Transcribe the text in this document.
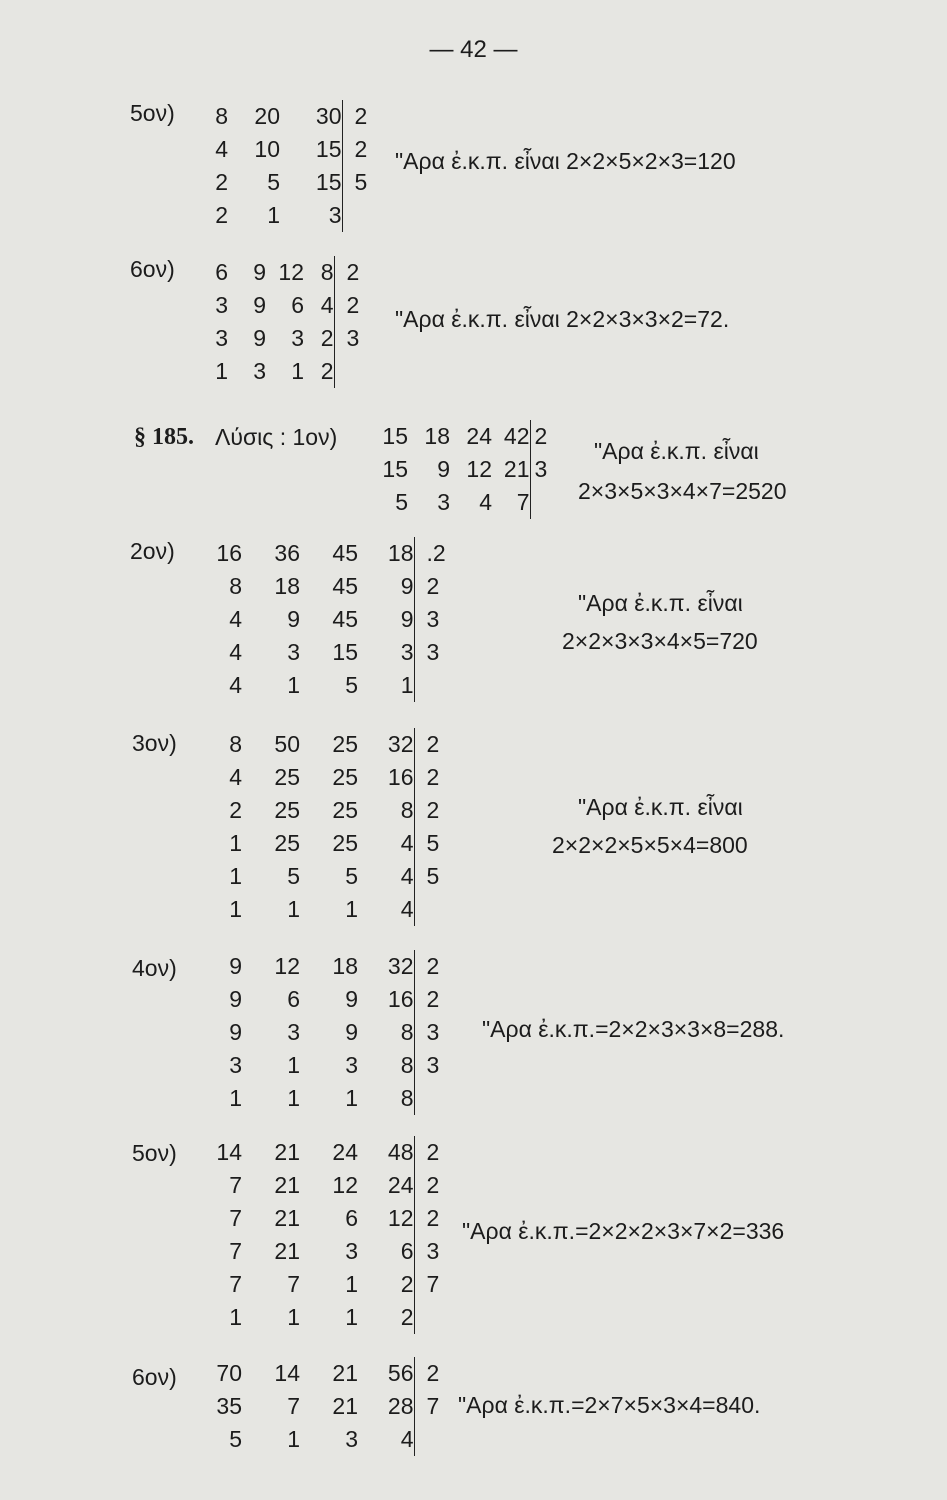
— 42 —
5ον) 8	20	30	2
4	10	15	2
2	5	15	5
2	1	3	
"Αρα ἐ.κ.π. εἶναι 2×2×5×2×3=120
6ον) 6	9	12	8	2
3	9	6	4	2
3	9	3	2	3
1	3	1	2	
"Αρα ἐ.κ.π. εἶναι 2×2×3×3×2=72.
§ 185. Λύσις : 1ον) 15	18	24	42	2
15	9	12	21	3
5	3	4	7	
"Αρα ἐ.κ.π. εἶναι
2×3×5×3×4×7=2520
2ον) 16	36	45	18	.2
8	18	45	9	2
4	9	45	9	3
4	3	15	3	3
4	1	5	1	
"Αρα ἐ.κ.π. εἶναι
2×2×3×3×4×5=720
3ον) 8	50	25	32	2
4	25	25	16	2
2	25	25	8	2
1	25	25	4	5
1	5	5	4	5
1	1	1	4	
"Αρα ἐ.κ.π. εἶναι
2×2×2×5×5×4=800
4ον) 9	12	18	32	2
9	6	9	16	2
9	3	9	8	3
3	1	3	8	3
1	1	1	8	
"Αρα ἐ.κ.π.=2×2×3×3×8=288.
5ον) 14	21	24	48	2
7	21	12	24	2
7	21	6	12	2
7	21	3	6	3
7	7	1	2	7
1	1	1	2	
"Αρα ἐ.κ.π.=2×2×2×3×7×2=336
6ον) 70	14	21	56	2
35	7	21	28	7
5	1	3	4	
"Αρα ἐ.κ.π.=2×7×5×3×4=840.
